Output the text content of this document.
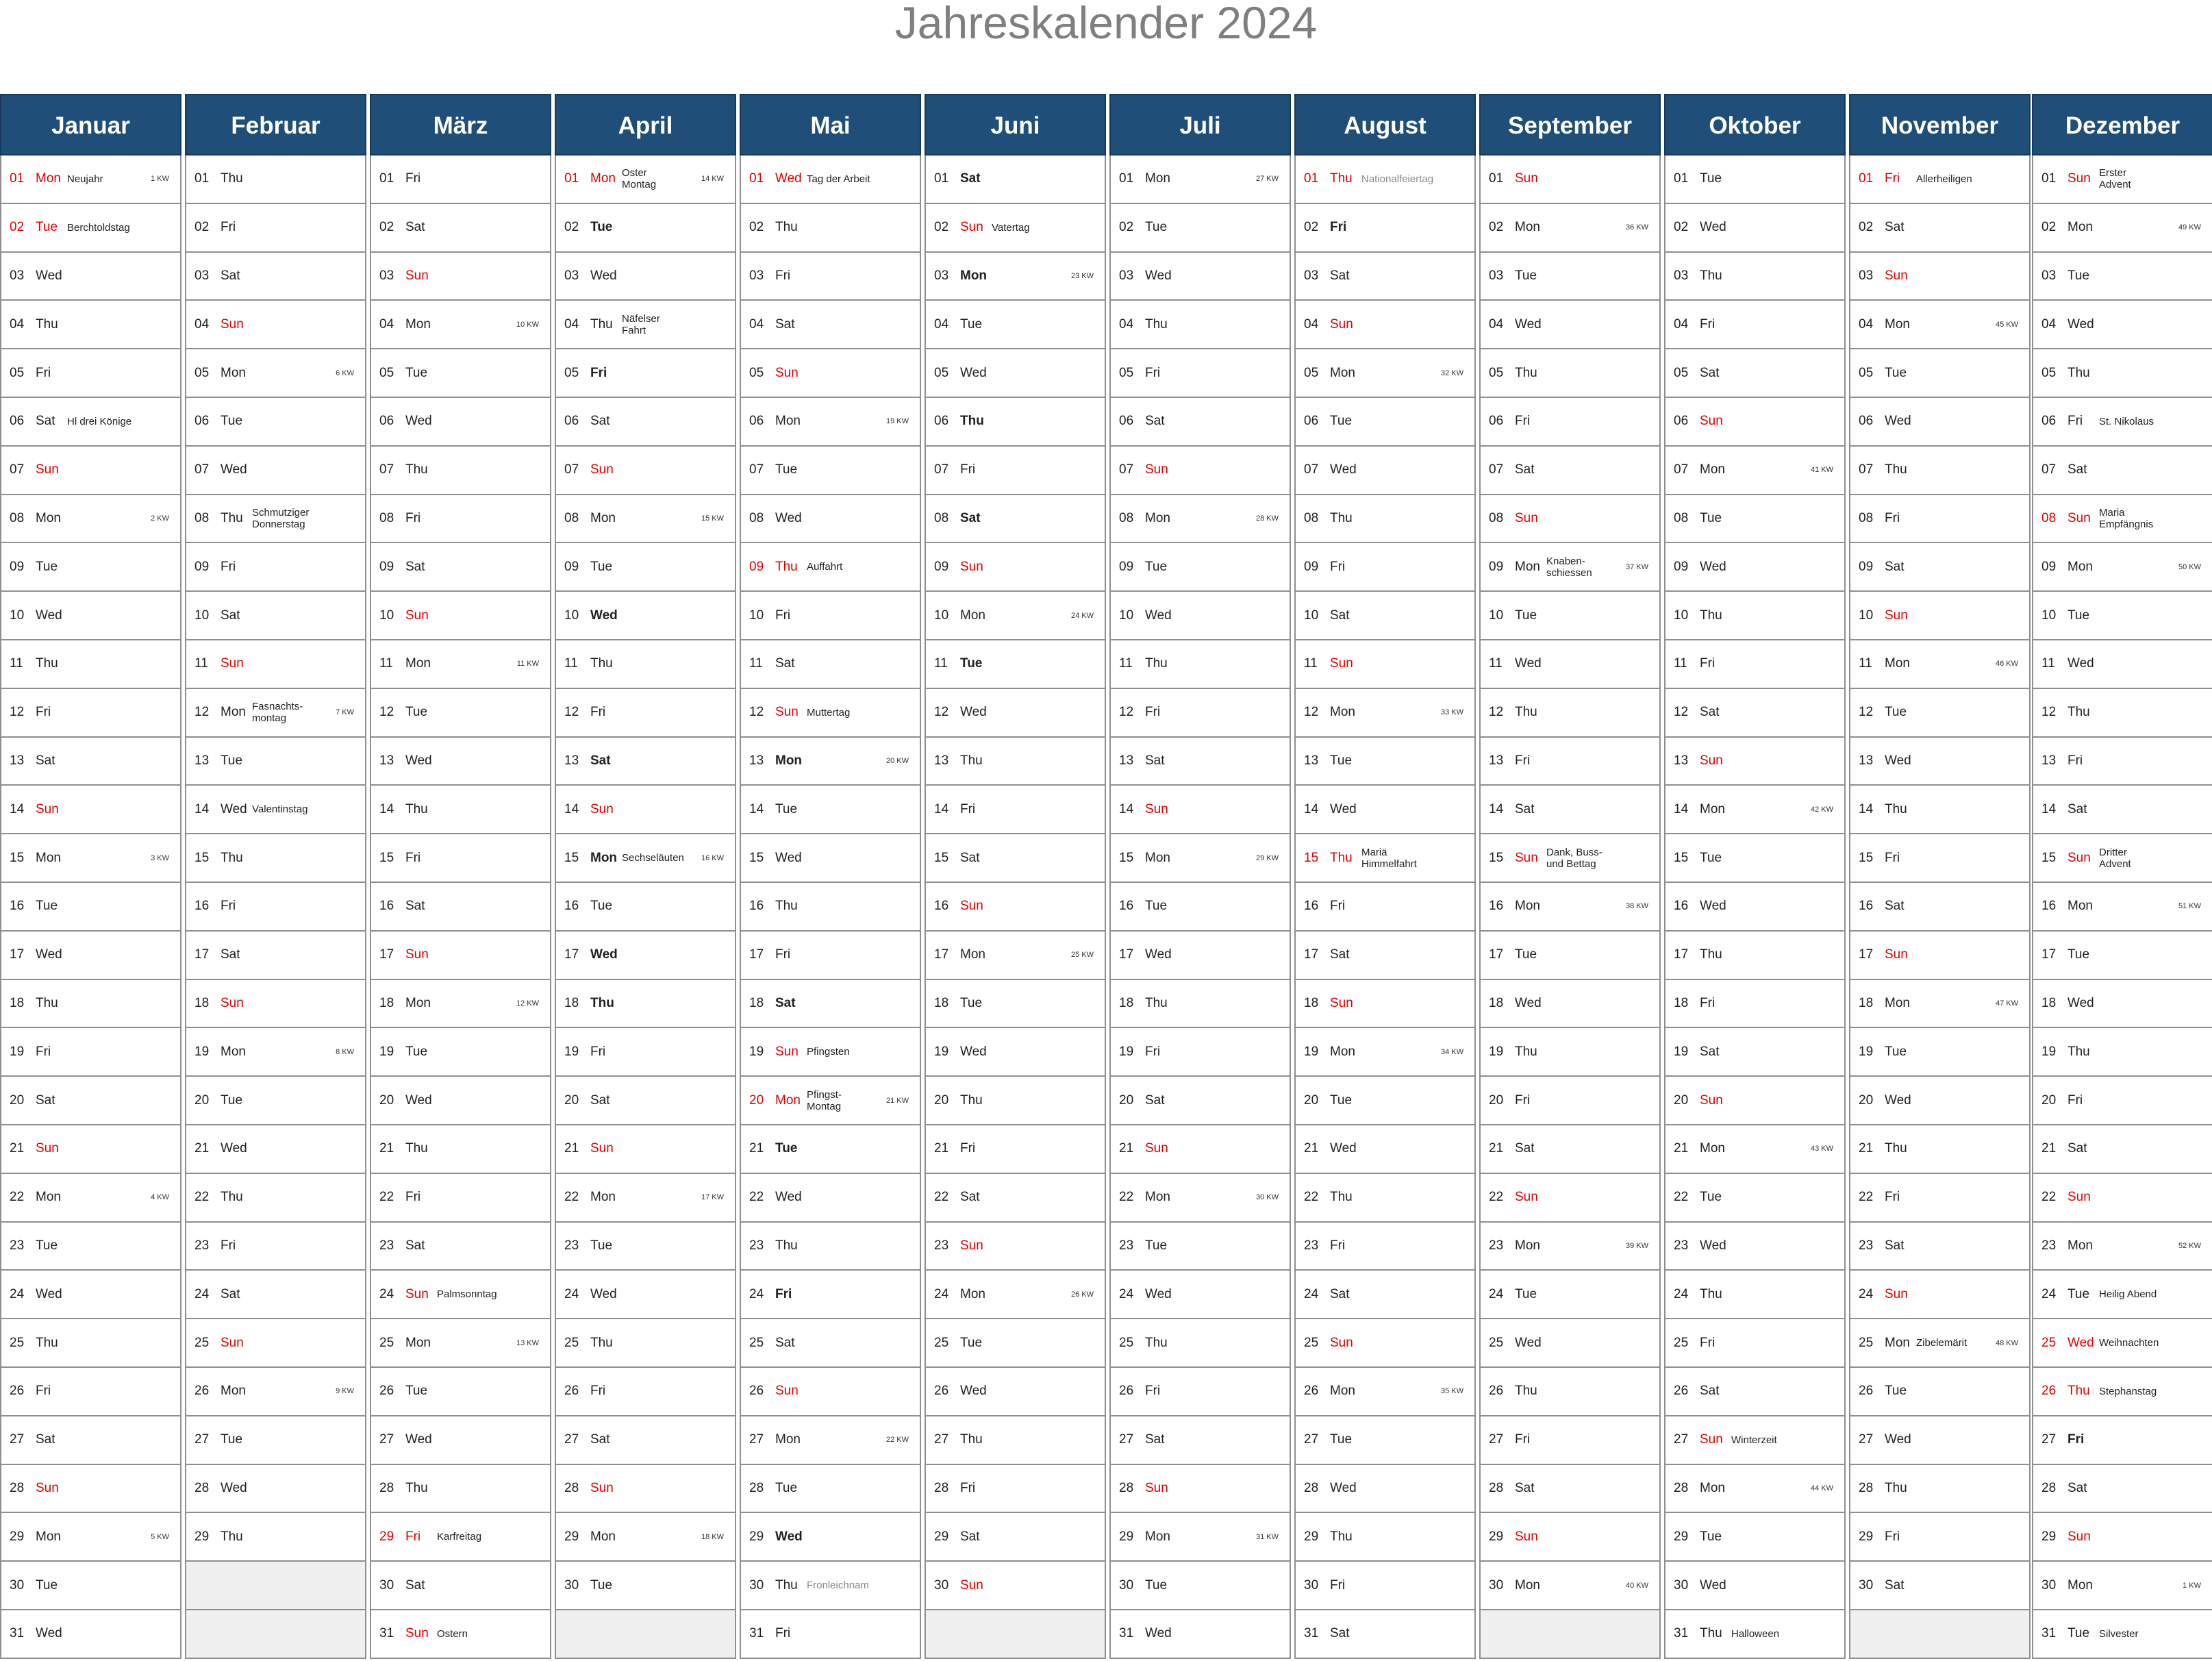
Jahreskalender 2024
Januar
01 Mon Neujahr	1 KW
02 Tue Berchtoldstag
03 Wed
04 Thu
05 Fri
06 Sat Hl drei Könige
07 Sun
08 Mon	2 KW
09 Tue
10 Wed
11 Thu
12 Fri
13 Sat
14 Sun
15 Mon	3 KW
16 Tue
17 Wed
18 Thu
19 Fri
20 Sat
21 Sun
22 Mon	4 KW
23 Tue
24 Wed
25 Thu
26 Fri
27 Sat
28 Sun
29 Mon	5 KW
30 Tue
31 Wed
Februar
01 Thu
02 Fri
03 Sat
04 Sun
05 Mon	6 KW
06 Tue
07 Wed
08 Thu Schmutziger
Donnerstag
09 Fri
10 Sat
11 Sun
12 Mon Fasnachts-
montag	7 KW
13 Tue
14 Wed Valentinstag
15 Thu
16 Fri
17 Sat
18 Sun
19 Mon	8 KW
20 Tue
21 Wed
22 Thu
23 Fri
24 Sat
25 Sun
26 Mon	9 KW
27 Tue
28 Wed
29 Thu
März
01 Fri
02 Sat
03 Sun
04 Mon	10 KW
05 Tue
06 Wed
07 Thu
08 Fri
09 Sat
10 Sun
11 Mon	11 KW
12 Tue
13 Wed
14 Thu
15 Fri
16 Sat
17 Sun
18 Mon	12 KW
19 Tue
20 Wed
21 Thu
22 Fri
23 Sat
24 Sun Palmsonntag
25 Mon	13 KW
26 Tue
27 Wed
28 Thu
29 Fri Karfreitag
30 Sat
31 Sun Ostern
April
01 Mon Oster
Montag	14 KW
02 Tue
03 Wed
04 Thu Näfelser
Fahrt
05 Fri
06 Sat
07 Sun
08 Mon	15 KW
09 Tue
10 Wed
11 Thu
12 Fri
13 Sat
14 Sun
15 Mon Sechseläuten 16 KW
16 Tue
17 Wed
18 Thu
19 Fri
20 Sat
21 Sun
22 Mon	17 KW
23 Tue
24 Wed
25 Thu
26 Fri
27 Sat
28 Sun
29 Mon	18 KW
30 Tue
Mai
01 Wed Tag der Arbeit
02 Thu
03 Fri
04 Sat
05 Sun
06 Mon	19 KW
07 Tue
08 Wed
09 Thu Auffahrt
10 Fri
11 Sat
12 Sun Muttertag
13 Mon	20 KW
14 Tue
15 Wed
16 Thu
17 Fri
18 Sat
19 Sun Pfingsten
20 Mon Pfingst-
Montag	21 KW
21 Tue
22 Wed
23 Thu
24 Fri
25 Sat
26 Sun
27 Mon	22 KW
28 Tue
29 Wed
30 Thu Fronleichnam
31 Fri
Juni
01 Sat
02 Sun Vatertag
03 Mon	23 KW
04 Tue
05 Wed
06 Thu
07 Fri
08 Sat
09 Sun
10 Mon	24 KW
11 Tue
12 Wed
13 Thu
14 Fri
15 Sat
16 Sun
17 Mon	25 KW
18 Tue
19 Wed
20 Thu
21 Fri
22 Sat
23 Sun
24 Mon	26 KW
25 Tue
26 Wed
27 Thu
28 Fri
29 Sat
30 Sun
Juli
01 Mon	27 KW
02 Tue
03 Wed
04 Thu
05 Fri
06 Sat
07 Sun
08 Mon	28 KW
09 Tue
10 Wed
11 Thu
12 Fri
13 Sat
14 Sun
15 Mon	29 KW
16 Tue
17 Wed
18 Thu
19 Fri
20 Sat
21 Sun
22 Mon	30 KW
23 Tue
24 Wed
25 Thu
26 Fri
27 Sat
28 Sun
29 Mon	31 KW
30 Tue
31 Wed
August
01 Thu Nationalfeiertag
02 Fri
03 Sat
04 Sun
05 Mon	32 KW
06 Tue
07 Wed
08 Thu
09 Fri
10 Sat
11 Sun
12 Mon	33 KW
13 Tue
14 Wed
15 Thu Mariä
Himmelfahrt
16 Fri
17 Sat
18 Sun
19 Mon	34 KW
20 Tue
21 Wed
22 Thu
23 Fri
24 Sat
25 Sun
26 Mon	35 KW
27 Tue
28 Wed
29 Thu
30 Fri
31 Sat
September
01 Sun
02 Mon	36 KW
03 Tue
04 Wed
05 Thu
06 Fri
07 Sat
08 Sun
09 Mon Knaben-
schiessen	37 KW
10 Tue
11 Wed
12 Thu
13 Fri
14 Sat
15 Sun Dank, Buss-
und Bettag
16 Mon	38 KW
17 Tue
18 Wed
19 Thu
20 Fri
21 Sat
22 Sun
23 Mon	39 KW
24 Tue
25 Wed
26 Thu
27 Fri
28 Sat
29 Sun
30 Mon	40 KW
Oktober
01 Tue
02 Wed
03 Thu
04 Fri
05 Sat
06 Sun
07 Mon	41 KW
08 Tue
09 Wed
10 Thu
11 Fri
12 Sat
13 Sun
14 Mon	42 KW
15 Tue
16 Wed
17 Thu
18 Fri
19 Sat
20 Sun
21 Mon	43 KW
22 Tue
23 Wed
24 Thu
25 Fri
26 Sat
27 Sun Winterzeit
28 Mon	44 KW
29 Tue
30 Wed
31 Thu Halloween
November
01 Fri Allerheiligen
02 Sat
03 Sun
04 Mon	45 KW
05 Tue
06 Wed
07 Thu
08 Fri
09 Sat
10 Sun
11 Mon	46 KW
12 Tue
13 Wed
14 Thu
15 Fri
16 Sat
17 Sun
18 Mon	47 KW
19 Tue
20 Wed
21 Thu
22 Fri
23 Sat
24 Sun
25 Mon Zibelemärit	48 KW
26 Tue
27 Wed
28 Thu
29 Fri
30 Sat
Dezember
01 Sun Erster
Advent
02 Mon	49 KW
03 Tue
04 Wed
05 Thu
06 Fri St. Nikolaus
07 Sat
08 Sun Maria
Empfängnis
09 Mon	50 KW
10 Tue
11 Wed
12 Thu
13 Fri
14 Sat
15 Sun Dritter
Advent
16 Mon	51 KW
17 Tue
18 Wed
19 Thu
20 Fri
21 Sat
22 Sun
23 Mon	52 KW
24 Tue Heilig Abend
25 Wed Weihnachten
26 Thu Stephanstag
27 Fri
28 Sat
29 Sun
30 Mon	1 KW
31 Tue Silvester
